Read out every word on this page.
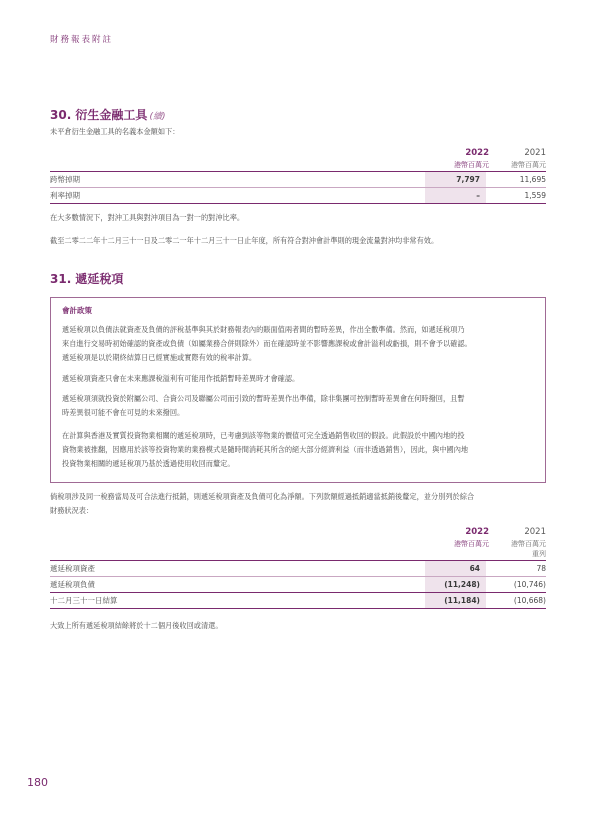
財務報表附註
30. 衍生金融工具 (續)
未平倉衍生金融工具的名義本金額如下：
2022	2021
港幣百萬元	港幣百萬元
跨幣掉期	7,797		11,695
利率掉期	–		1,559
在大多數情況下，對沖工具與對沖項目為一對一的對沖比率。
截至二零二二年十二月三十一日及二零二一年十二月三十一日止年度，所有符合對沖會計準則的現金流量對沖均非常有效。
31. 遞延稅項
會計政策
遞延稅項以負債法就資產及負債的評稅基準與其於財務報表內的賬面值兩者間的暫時差異，作出全數準備。然而，如遞延稅項乃
來自進行交易時初始確認的資產或負債（如屬業務合併則除外）而在確認時並不影響應課稅或會計溢利或虧損，則不會予以確認。
遞延稅項是以於期終結算日已經實施或實際有效的稅率計算。
遞延稅項資產只會在未來應課稅溢利有可能用作抵銷暫時差異時才會確認。
遞延稅項須就投資於附屬公司、合資公司及聯屬公司而引致的暫時差異作出準備，除非集團可控制暫時差異會在何時撥回，且暫
時差異很可能不會在可見的未來撥回。
在計算與香港及實質投資物業相關的遞延稅項時，已考慮到該等物業的價值可完全透過銷售收回的假設。此假設於中國內地的投
資物業被推翻，因應用於該等投資物業的業務模式是隨時間消耗其所含的絕大部分經濟利益（而非透過銷售），因此，與中國內地
投資物業相關的遞延稅項乃基於透過使用收回而釐定。
倘稅項涉及同一稅務當局及可合法進行抵銷，則遞延稅項資產及負債可化為淨額。下列款額經過抵銷適當抵銷後釐定，並分別列於綜合
財務狀況表：
2022	2021
港幣百萬元	港幣百萬元
重列
遞延稅項資產	64		78
遞延稅項負債	(11,248)		(10,746)
十二月三十一日結算	(11,184)		(10,668)
大致上所有遞延稅項結餘將於十二個月後收回或清還。
180
